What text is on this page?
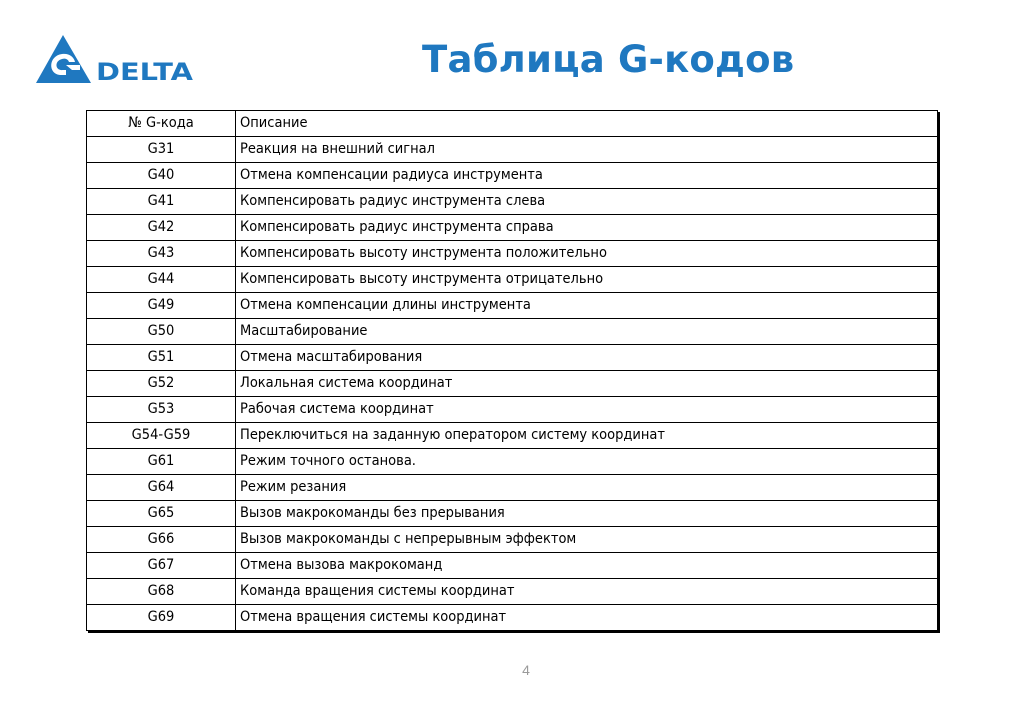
DELTA	Таблица G-кодов
№ G-кода	Описание
G31	Реакция на внешний сигнал
G40	Отмена компенсации радиуса инструмента
G41	Компенсировать радиус инструмента слева
G42	Компенсировать радиус инструмента справа
G43	Компенсировать высоту инструмента положительно
G44	Компенсировать высоту инструмента отрицательно
G49	Отмена компенсации длины инструмента
G50	Масштабирование
G51	Отмена масштабирования
G52	Локальная система координат
G53	Рабочая система координат
G54-G59	Переключиться на заданную оператором систему координат
G61	Режим точного останова.
G64	Режим резания
G65	Вызов макрокоманды без прерывания
G66	Вызов макрокоманды с непрерывным эффектом
G67	Отмена вызова макрокоманд
G68	Команда вращения системы координат
G69	Отмена вращения системы координат
4
